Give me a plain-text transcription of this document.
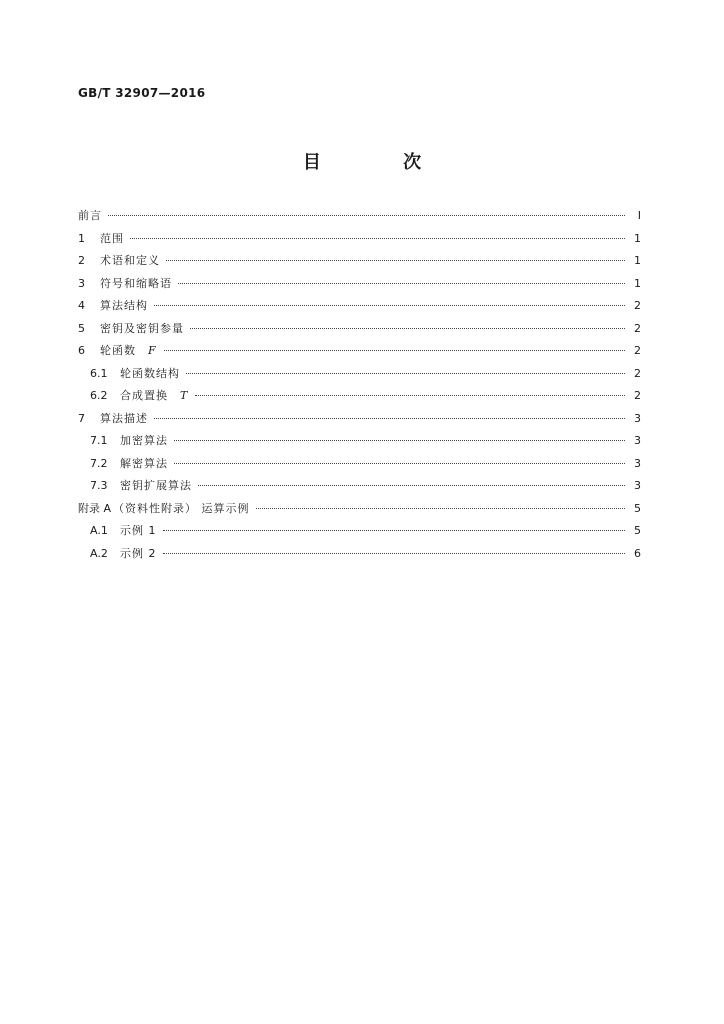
GB/T 32907—2016
目 次
前言	I
1	范围	1
2	术语和定义	1
3	符号和缩略语	1
4	算法结构	2
5	密钥及密钥参量	2
6	轮函数 F	2
6.1	轮函数结构	2
6.2	合成置换 T	2
7	算法描述	3
7.1	加密算法	3
7.2	解密算法	3
7.3	密钥扩展算法	3
附录 A （资料性附录） 运算示例	5
A.1	示例 1	5
A.2	示例 2	6
